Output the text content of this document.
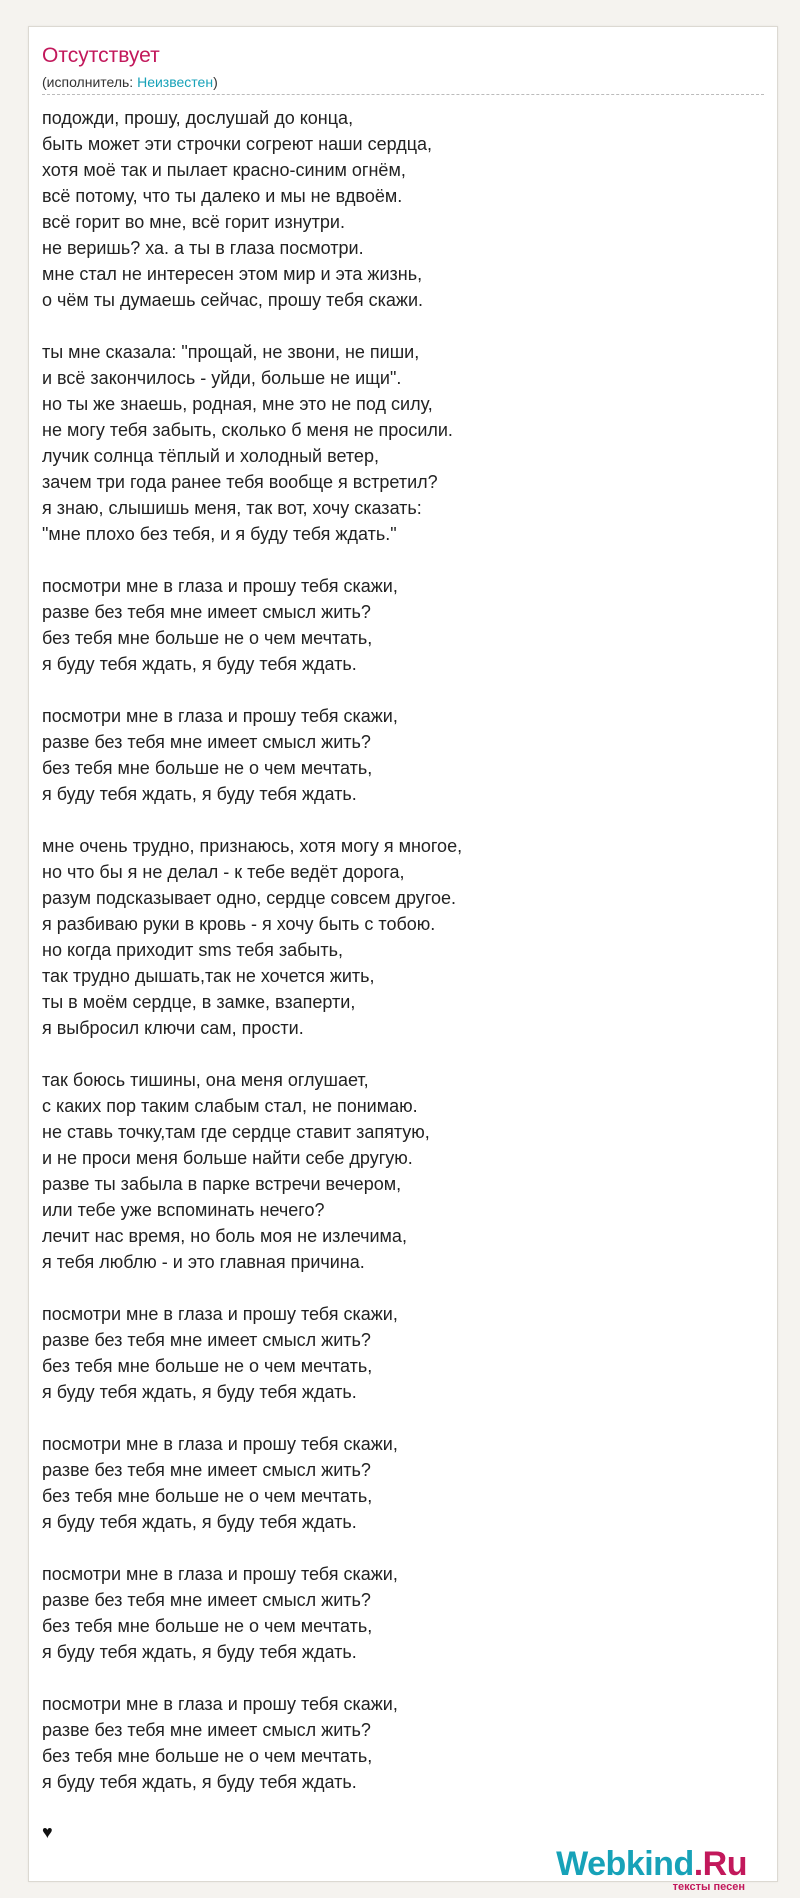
Отсутствует
(исполнитель: Неизвестен)
подожди, прошу, дослушай до конца,
быть может эти строчки согреют наши сердца,
хотя моё так и пылает красно-синим огнём,
всё потому, что ты далеко и мы не вдвоём.
всё горит во мне, всё горит изнутри.
не веришь? ха. а ты в глаза посмотри.
мне стал не интересен этом мир и эта жизнь,
о чём ты думаешь сейчас, прошу тебя скажи.
ты мне сказала: "прощай, не звони, не пиши,
и всё закончилось - уйди, больше не ищи".
но ты же знаешь, родная, мне это не под силу,
не могу тебя забыть, сколько б меня не просили.
лучик солнца тёплый и холодный ветер,
зачем три года ранее тебя вообще я встретил?
я знаю, слышишь меня, так вот, хочу сказать:
"мне плохо без тебя, и я буду тебя ждать."
посмотри мне в глаза и прошу тебя скажи,
разве без тебя мне имеет смысл жить?
без тебя мне больше не о чем мечтать,
я буду тебя ждать, я буду тебя ждать.
посмотри мне в глаза и прошу тебя скажи,
разве без тебя мне имеет смысл жить?
без тебя мне больше не о чем мечтать,
я буду тебя ждать, я буду тебя ждать.
мне очень трудно, признаюсь, хотя могу я многое,
но что бы я не делал - к тебе ведёт дорога,
разум подсказывает одно, сердце совсем другое.
я разбиваю руки в кровь - я хочу быть с тобою.
но когда приходит sms тебя забыть,
так трудно дышать,так не хочется жить,
ты в моём сердце, в замке, взаперти,
я выбросил ключи сам, прости.
так боюсь тишины, она меня оглушает,
с каких пор таким слабым стал, не понимаю.
не ставь точку,там где сердце ставит запятую,
и не проси меня больше найти себе другую.
разве ты забыла в парке встречи вечером,
или тебе уже вспоминать нечего?
лечит нас время, но боль моя не излечима,
я тебя люблю - и это главная причина.
посмотри мне в глаза и прошу тебя скажи,
разве без тебя мне имеет смысл жить?
без тебя мне больше не о чем мечтать,
я буду тебя ждать, я буду тебя ждать.
посмотри мне в глаза и прошу тебя скажи,
разве без тебя мне имеет смысл жить?
без тебя мне больше не о чем мечтать,
я буду тебя ждать, я буду тебя ждать.
посмотри мне в глаза и прошу тебя скажи,
разве без тебя мне имеет смысл жить?
без тебя мне больше не о чем мечтать,
я буду тебя ждать, я буду тебя ждать.
посмотри мне в глаза и прошу тебя скажи,
разве без тебя мне имеет смысл жить?
без тебя мне больше не о чем мечтать,
я буду тебя ждать, я буду тебя ждать.
♥
Webkind.Ru
тексты песен
